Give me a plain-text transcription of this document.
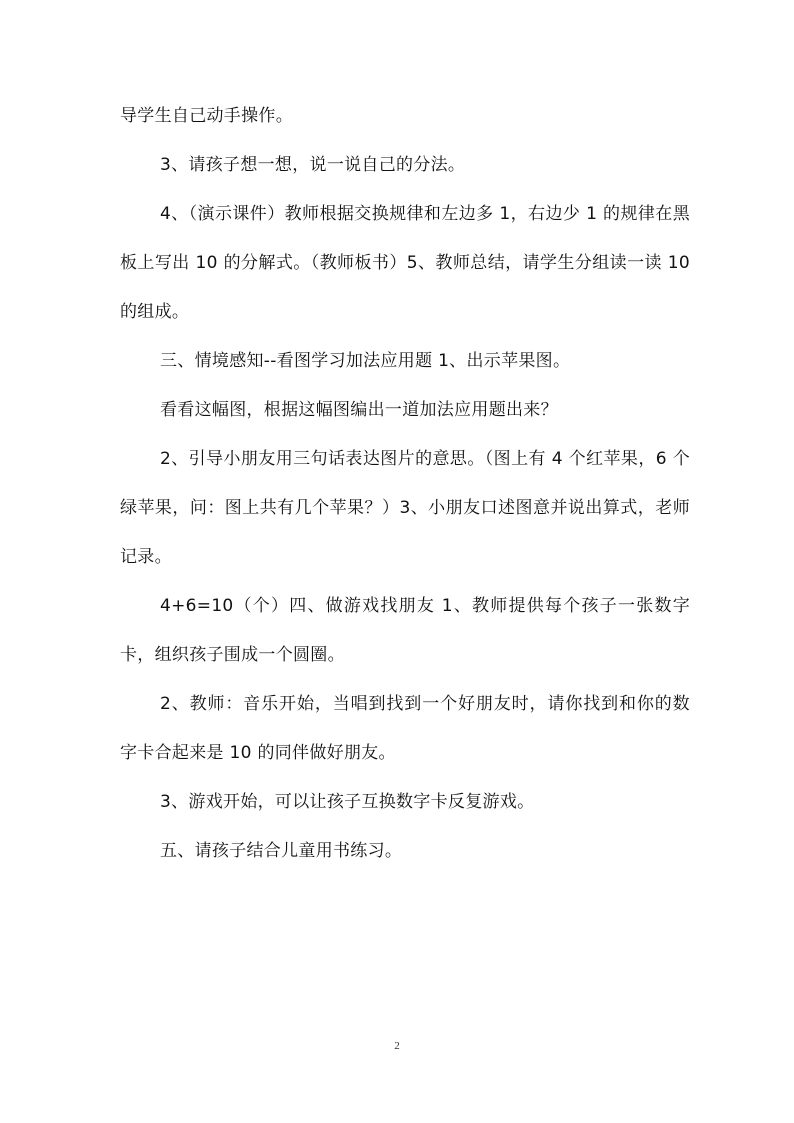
导学生自己动手操作。

3、请孩子想一想，说一说自己的分法。

4、（演示课件）教师根据交换规律和左边多 1，右边少 1 的规律在黑板上写出 10 的分解式。（教师板书）5、教师总结，请学生分组读一读 10 的组成。

三、情境感知--看图学习加法应用题 1、出示苹果图。

看看这幅图，根据这幅图编出一道加法应用题出来？

2、引导小朋友用三句话表达图片的意思。（图上有 4 个红苹果，6 个绿苹果，问：图上共有几个苹果？）3、小朋友口述图意并说出算式，老师记录。

4+6=10（个）四、做游戏找朋友 1、教师提供每个孩子一张数字卡，组织孩子围成一个圆圈。

2、教师：音乐开始，当唱到找到一个好朋友时，请你找到和你的数字卡合起来是 10 的同伴做好朋友。

3、游戏开始，可以让孩子互换数字卡反复游戏。

五、请孩子结合儿童用书练习。

2
